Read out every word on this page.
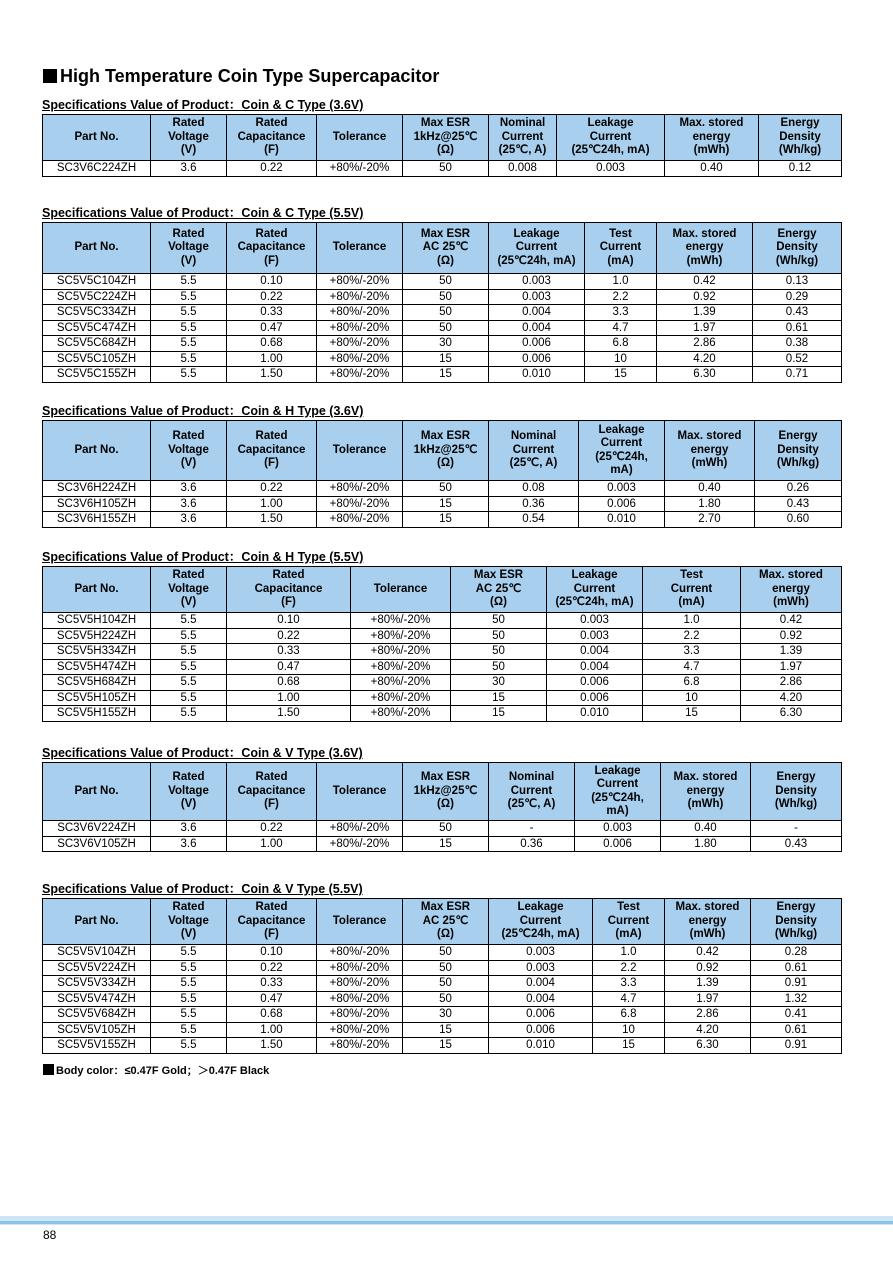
High Temperature Coin Type Supercapacitor
Specifications Value of Product：Coin & C Type (3.6V)
Part No.	Rated
Voltage
(V)	Rated
Capacitance
(F)	Tolerance	Max ESR
1kHz@25℃
(Ω)	Nominal
Current
(25℃, A)	Leakage
Current
(25℃24h, mA)	Max. stored
energy
(mWh)	Energy
Density
(Wh/kg)
SC3V6C224ZH	3.6	0.22	+80%/-20%	50	0.008	0.003	0.40	0.12
Specifications Value of Product：Coin & C Type (5.5V)
Part No.	Rated
Voltage
(V)	Rated
Capacitance
(F)	Tolerance	Max ESR
AC 25℃
(Ω)	Leakage
Current
(25℃24h, mA)	Test
Current
(mA)	Max. stored
energy
(mWh)	Energy
Density
(Wh/kg)
SC5V5C104ZH	5.5	0.10	+80%/-20%	50	0.003	1.0	0.42	0.13
SC5V5C224ZH	5.5	0.22	+80%/-20%	50	0.003	2.2	0.92	0.29
SC5V5C334ZH	5.5	0.33	+80%/-20%	50	0.004	3.3	1.39	0.43
SC5V5C474ZH	5.5	0.47	+80%/-20%	50	0.004	4.7	1.97	0.61
SC5V5C684ZH	5.5	0.68	+80%/-20%	30	0.006	6.8	2.86	0.38
SC5V5C105ZH	5.5	1.00	+80%/-20%	15	0.006	10	4.20	0.52
SC5V5C155ZH	5.5	1.50	+80%/-20%	15	0.010	15	6.30	0.71
Specifications Value of Product：Coin & H Type (3.6V)
Part No.	Rated
Voltage
(V)	Rated
Capacitance
(F)	Tolerance	Max ESR
1kHz@25℃
(Ω)	Nominal
Current
(25℃, A)	Leakage
Current
(25℃24h,
mA)	Max. stored
energy
(mWh)	Energy
Density
(Wh/kg)
SC3V6H224ZH	3.6	0.22	+80%/-20%	50	0.08	0.003	0.40	0.26
SC3V6H105ZH	3.6	1.00	+80%/-20%	15	0.36	0.006	1.80	0.43
SC3V6H155ZH	3.6	1.50	+80%/-20%	15	0.54	0.010	2.70	0.60
Specifications Value of Product：Coin & H Type (5.5V)
Part No.	Rated
Voltage
(V)	Rated
Capacitance
(F)	Tolerance	Max ESR
AC 25℃
(Ω)	Leakage
Current
(25℃24h, mA)	Test
Current
(mA)	Max. stored
energy
(mWh)
SC5V5H104ZH	5.5	0.10	+80%/-20%	50	0.003	1.0	0.42
SC5V5H224ZH	5.5	0.22	+80%/-20%	50	0.003	2.2	0.92
SC5V5H334ZH	5.5	0.33	+80%/-20%	50	0.004	3.3	1.39
SC5V5H474ZH	5.5	0.47	+80%/-20%	50	0.004	4.7	1.97
SC5V5H684ZH	5.5	0.68	+80%/-20%	30	0.006	6.8	2.86
SC5V5H105ZH	5.5	1.00	+80%/-20%	15	0.006	10	4.20
SC5V5H155ZH	5.5	1.50	+80%/-20%	15	0.010	15	6.30
Specifications Value of Product：Coin & V Type (3.6V)
Part No.	Rated
Voltage
(V)	Rated
Capacitance
(F)	Tolerance	Max ESR
1kHz@25℃
(Ω)	Nominal
Current
(25℃, A)	Leakage
Current
(25℃24h,
mA)	Max. stored
energy
(mWh)	Energy
Density
(Wh/kg)
SC3V6V224ZH	3.6	0.22	+80%/-20%	50	-	0.003	0.40	-
SC3V6V105ZH	3.6	1.00	+80%/-20%	15	0.36	0.006	1.80	0.43
Specifications Value of Product：Coin & V Type (5.5V)
Part No.	Rated
Voltage
(V)	Rated
Capacitance
(F)	Tolerance	Max ESR
AC 25℃
(Ω)	Leakage
Current
(25℃24h, mA)	Test
Current
(mA)	Max. stored
energy
(mWh)	Energy
Density
(Wh/kg)
SC5V5V104ZH	5.5	0.10	+80%/-20%	50	0.003	1.0	0.42	0.28
SC5V5V224ZH	5.5	0.22	+80%/-20%	50	0.003	2.2	0.92	0.61
SC5V5V334ZH	5.5	0.33	+80%/-20%	50	0.004	3.3	1.39	0.91
SC5V5V474ZH	5.5	0.47	+80%/-20%	50	0.004	4.7	1.97	1.32
SC5V5V684ZH	5.5	0.68	+80%/-20%	30	0.006	6.8	2.86	0.41
SC5V5V105ZH	5.5	1.00	+80%/-20%	15	0.006	10	4.20	0.61
SC5V5V155ZH	5.5	1.50	+80%/-20%	15	0.010	15	6.30	0.91
Body color：≤0.47F Gold；＞0.47F Black
88
